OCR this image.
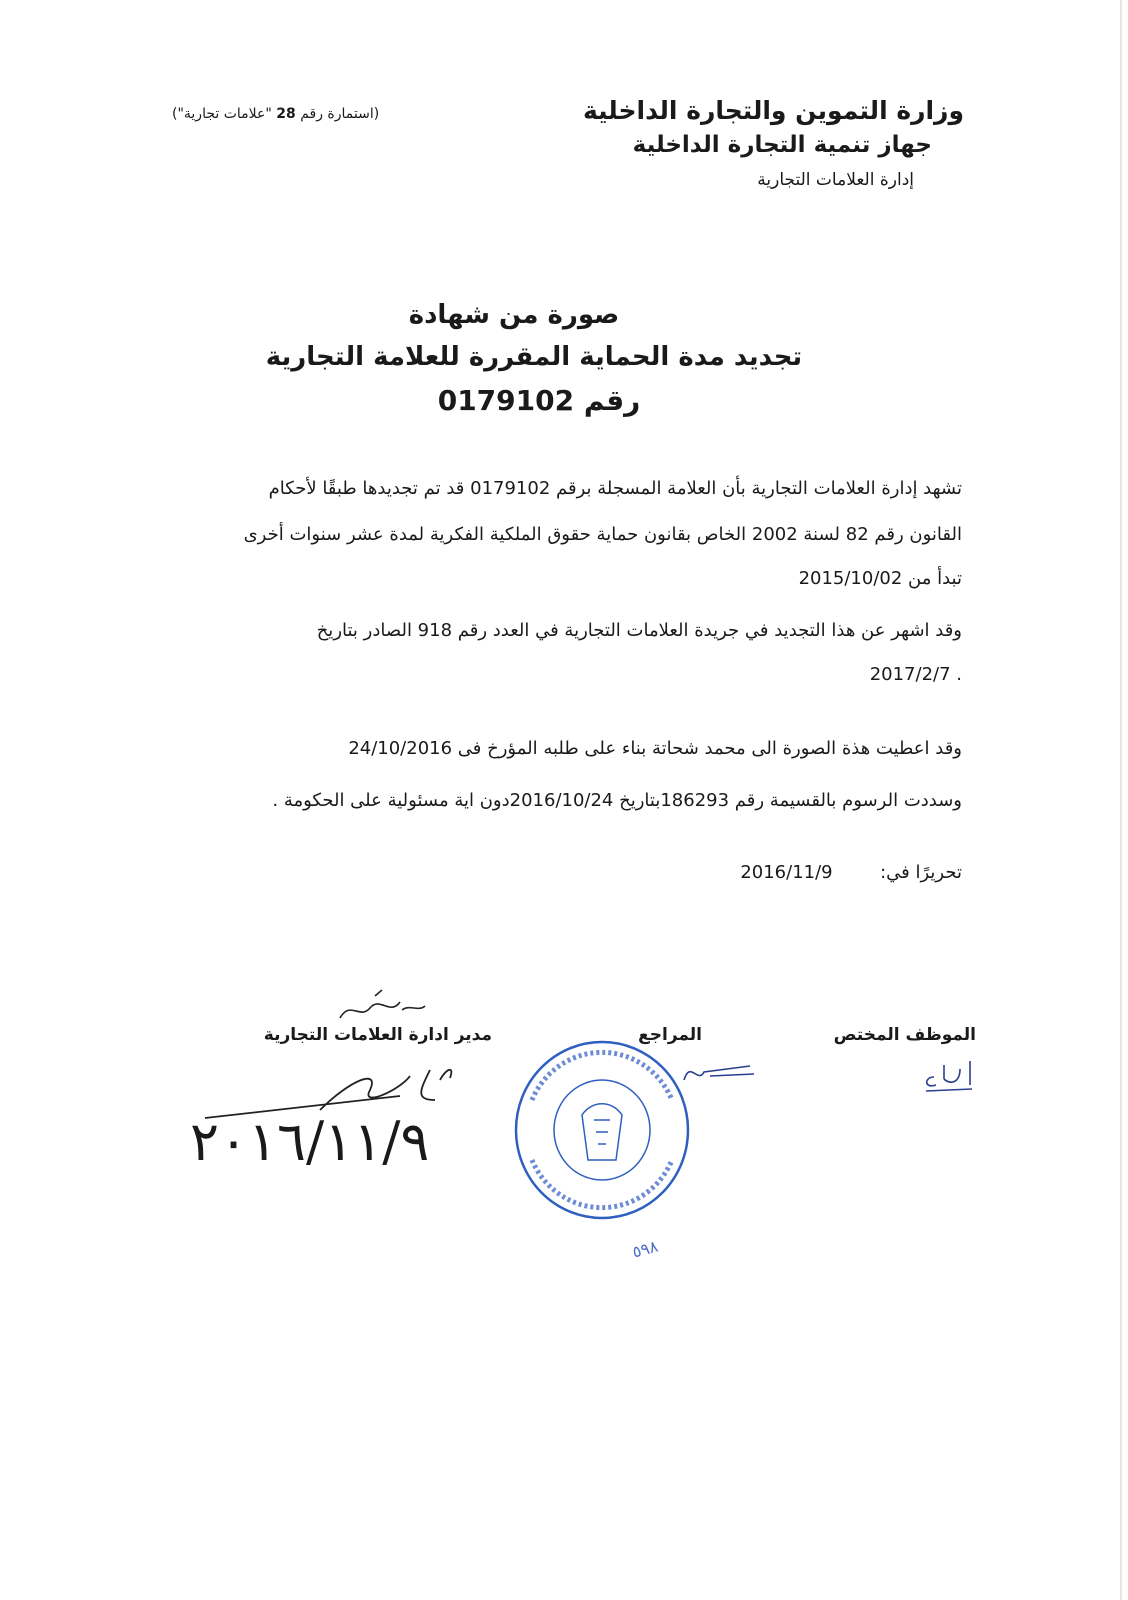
وزارة التموين والتجارة الداخلية
جهاز تنمية التجارة الداخلية
إدارة العلامات التجارية
(استمارة رقم 28 "علامات تجارية")
صورة من شهادة
تجديد مدة الحماية المقررة للعلامة التجارية
رقم 0179102
تشهد إدارة العلامات التجارية بأن العلامة المسجلة برقم 0179102 قد تم تجديدها طبقًا لأحكام
القانون رقم 82 لسنة 2002 الخاص بقانون حماية حقوق الملكية الفكرية لمدة عشر سنوات أخرى
تبدأ من 2015/10/02
وقد اشهر عن هذا التجديد في جريدة العلامات التجارية في العدد رقم 918 الصادر بتاريخ
. 2017/2/7
وقد اعطيت هذة الصورة الى محمد شحاتة بناء على طلبه المؤرخ فى 24/10/2016
وسددت الرسوم بالقسيمة رقم 186293بتاريخ 2016/10/24دون اية مسئولية على الحكومة .
تحريرًا في:  2016/11/9
الموظف المختص
المراجع
مدير ادارة العلامات التجارية
٢٠١٦/١١/٩
٥٩٨
